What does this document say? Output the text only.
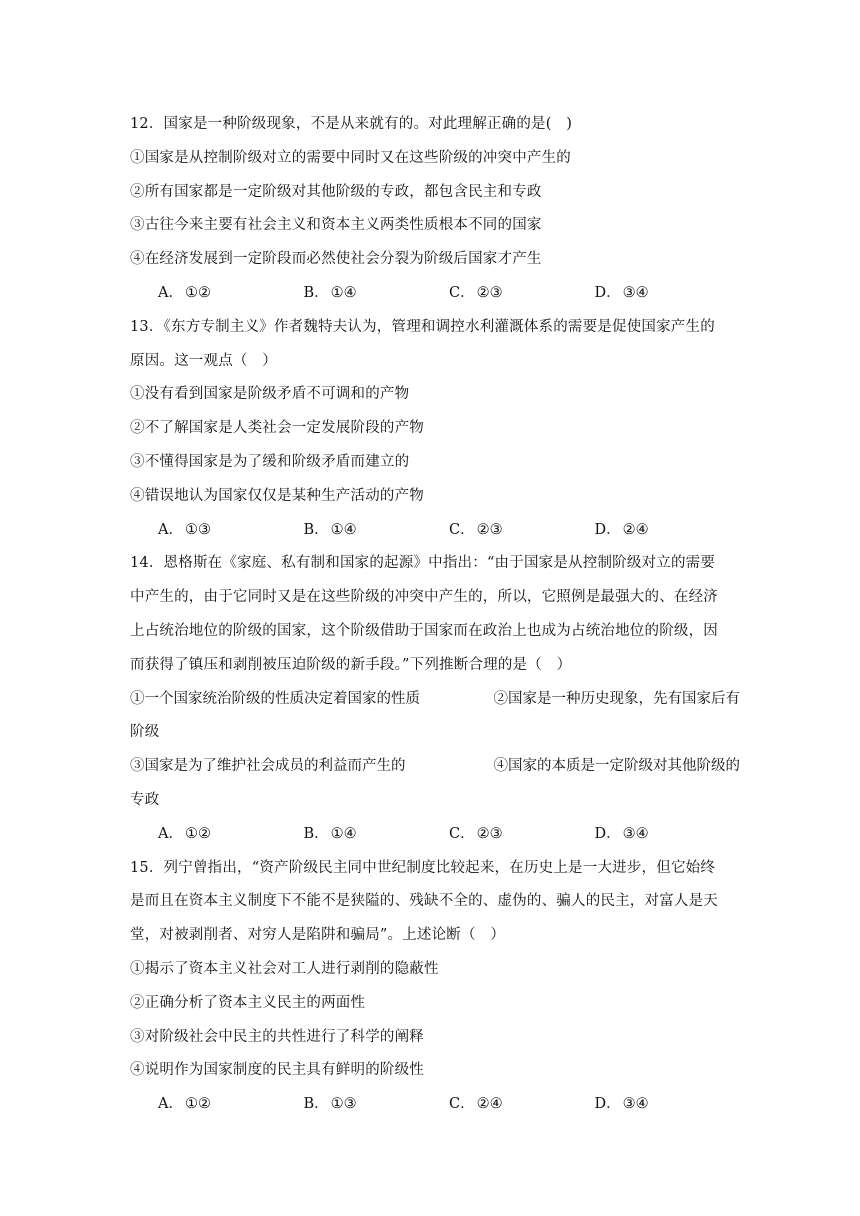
12．国家是一种阶级现象，不是从来就有的。对此理解正确的是(　)
①国家是从控制阶级对立的需要中同时又在这些阶级的冲突中产生的
②所有国家都是一定阶级对其他阶级的专政，都包含民主和专政
③古往今来主要有社会主义和资本主义两类性质根本不同的国家
④在经济发展到一定阶段而必然使社会分裂为阶级后国家才产生
A． ①②	B． ①④	C． ②③	D． ③④
13．《东方专制主义》作者魏特夫认为，管理和调控水利灌溉体系的需要是促使国家产生的
原因。这一观点（　）
①没有看到国家是阶级矛盾不可调和的产物
②不了解国家是人类社会一定发展阶段的产物
③不懂得国家是为了缓和阶级矛盾而建立的
④错误地认为国家仅仅是某种生产活动的产物
A． ①③	B． ①④	C． ②③	D． ②④
14．恩格斯在《家庭、私有制和国家的起源》中指出：“由于国家是从控制阶级对立的需要
中产生的，由于它同时又是在这些阶级的冲突中产生的，所以，它照例是最强大的、在经济
上占统治地位的阶级的国家，这个阶级借助于国家而在政治上也成为占统治地位的阶级，因
而获得了镇压和剥削被压迫阶级的新手段。”下列推断合理的是（　）
①一个国家统治阶级的性质决定着国家的性质	②国家是一种历史现象，先有国家后有
阶级
③国家是为了维护社会成员的利益而产生的	④国家的本质是一定阶级对其他阶级的
专政
A． ①②	B． ①④	C． ②③	D． ③④
15．列宁曾指出，“资产阶级民主同中世纪制度比较起来，在历史上是一大进步，但它始终
是而且在资本主义制度下不能不是狭隘的、残缺不全的、虚伪的、骗人的民主，对富人是天
堂，对被剥削者、对穷人是陷阱和骗局”。上述论断（　）
①揭示了资本主义社会对工人进行剥削的隐蔽性
②正确分析了资本主义民主的两面性
③对阶级社会中民主的共性进行了科学的阐释
④说明作为国家制度的民主具有鲜明的阶级性
A． ①②	B． ①③	C． ②④	D． ③④
